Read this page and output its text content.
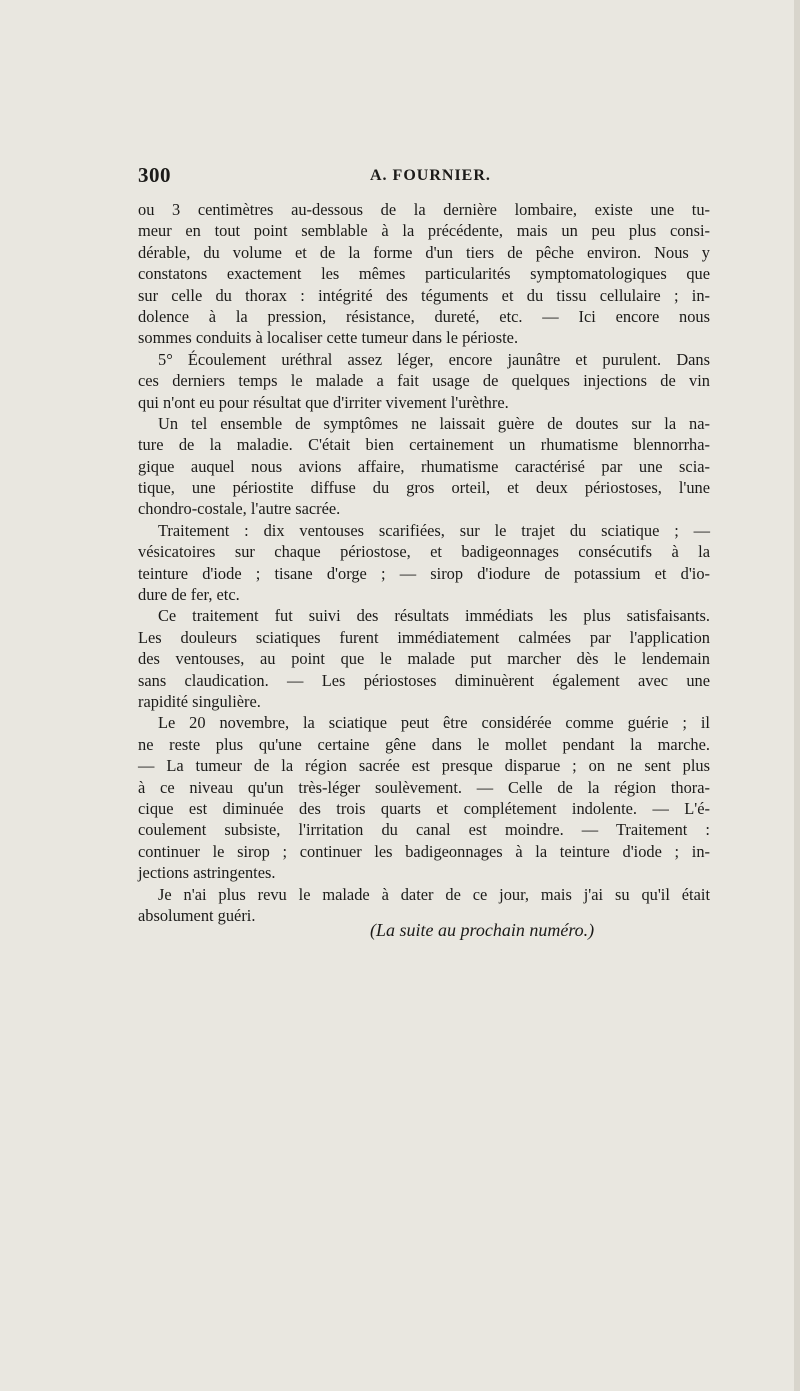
300	A. FOURNIER.
ou 3 centimètres au-dessous de la dernière lombaire, existe une tu-
meur en tout point semblable à la précédente, mais un peu plus consi-
dérable, du volume et de la forme d'un tiers de pêche environ. Nous y
constatons exactement les mêmes particularités symptomatologiques que
sur celle du thorax : intégrité des téguments et du tissu cellulaire ; in-
dolence à la pression, résistance, dureté, etc. — Ici encore nous
sommes conduits à localiser cette tumeur dans le périoste.
5° Écoulement uréthral assez léger, encore jaunâtre et purulent. Dans
ces derniers temps le malade a fait usage de quelques injections de vin
qui n'ont eu pour résultat que d'irriter vivement l'urèthre.
Un tel ensemble de symptômes ne laissait guère de doutes sur la na-
ture de la maladie. C'était bien certainement un rhumatisme blennorrha-
gique auquel nous avions affaire, rhumatisme caractérisé par une scia-
tique, une périostite diffuse du gros orteil, et deux périostoses, l'une
chondro-costale, l'autre sacrée.
Traitement : dix ventouses scarifiées, sur le trajet du sciatique ; —
vésicatoires sur chaque périostose, et badigeonnages consécutifs à la
teinture d'iode ; tisane d'orge ; — sirop d'iodure de potassium et d'io-
dure de fer, etc.
Ce traitement fut suivi des résultats immédiats les plus satisfaisants.
Les douleurs sciatiques furent immédiatement calmées par l'application
des ventouses, au point que le malade put marcher dès le lendemain
sans claudication. — Les périostoses diminuèrent également avec une
rapidité singulière.
Le 20 novembre, la sciatique peut être considérée comme guérie ; il
ne reste plus qu'une certaine gêne dans le mollet pendant la marche.
— La tumeur de la région sacrée est presque disparue ; on ne sent plus
à ce niveau qu'un très-léger soulèvement. — Celle de la région thora-
cique est diminuée des trois quarts et complétement indolente. — L'é-
coulement subsiste, l'irritation du canal est moindre. — Traitement :
continuer le sirop ; continuer les badigeonnages à la teinture d'iode ; in-
jections astringentes.
Je n'ai plus revu le malade à dater de ce jour, mais j'ai su qu'il était
absolument guéri.
(La suite au prochain numéro.)
